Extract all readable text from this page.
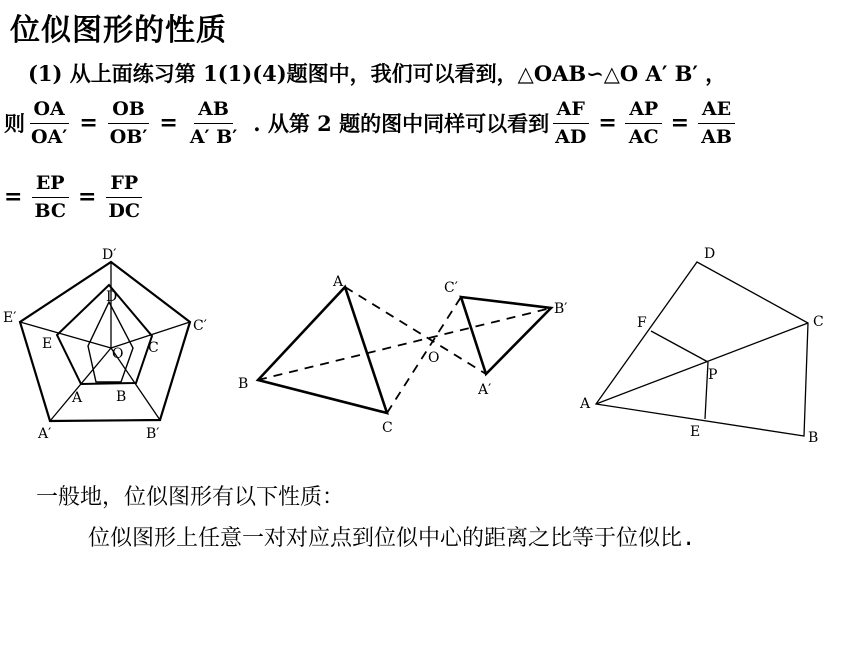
位似图形的性质
(1) 从上面练习第 1(1)(4)题图中，我们可以看到，△OAB∽△O A′ B′ ，
则 $\frac{OA}{OA'} = \frac{OB}{OB'} = \frac{AB}{A' B'}$ . 从第 2 题的图中同样可以看到 $\frac{AF}{AD} = \frac{AP}{AC} = \frac{AE}{AB}$
= $\frac{EP}{BC} = \frac{FP}{DC}$
D′
E′	C′
A′	B′
D
E	C
A B
O
A
B
C
O
C′
B′
A′
A
B
C
D
E
F
P
一般地，位似图形有以下性质：
位似图形上任意一对对应点到位似中心的距离之比等于位似比.
